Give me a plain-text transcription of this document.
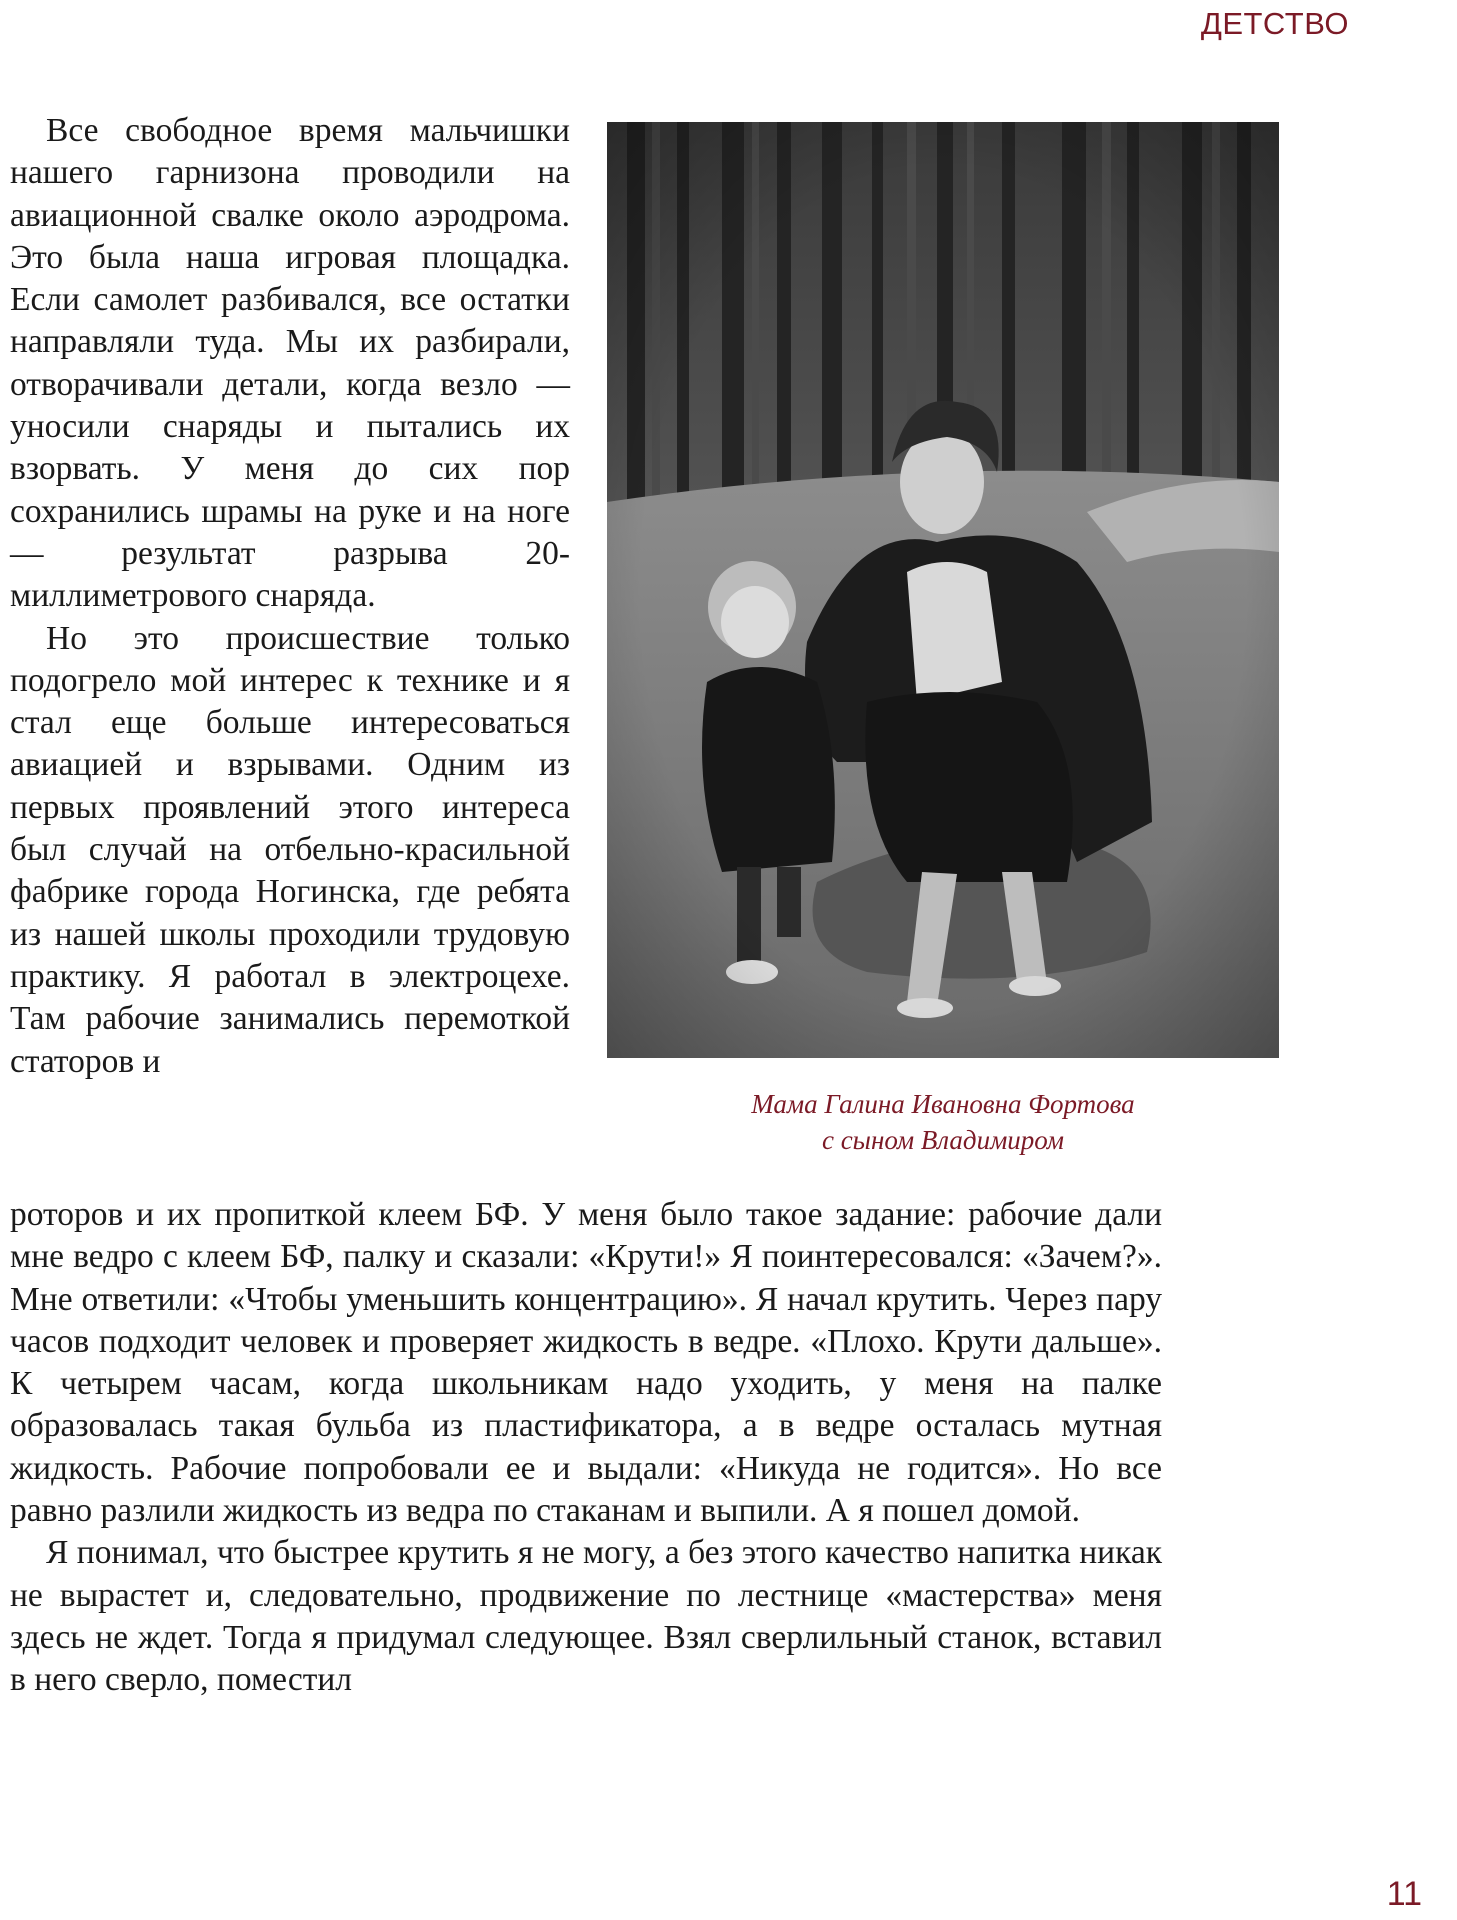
ДЕТСТВО

Все свободное время мальчишки нашего гарнизона проводили на авиационной свалке около аэродрома. Это была наша игровая площадка. Если самолет разбивался, все остатки направляли туда. Мы их разбирали, отворачивали детали, когда везло — уносили снаряды и пытались их взорвать. У меня до сих пор сохранились шрамы на руке и на ноге — результат разрыва 20-миллиметрового снаряда.

Но это происшествие только подогрело мой интерес к технике и я стал еще больше интересоваться авиацией и взрывами. Одним из первых проявлений этого интереса был случай на отбельно-красильной фабрике города Ногинска, где ребята из нашей школы проходили трудовую практику. Я работал в электроцехе. Там рабочие занимались перемоткой статоров и

Мама Галина Ивановна Фортова
с сыном Владимиром

роторов и их пропиткой клеем БФ. У меня было такое задание: рабочие дали мне ведро с клеем БФ, палку и сказали: «Крути!» Я поинтересовался: «Зачем?». Мне ответили: «Чтобы уменьшить концентрацию». Я начал крутить. Через пару часов подходит человек и проверяет жидкость в ведре. «Плохо. Крути дальше». К четырем часам, когда школьникам надо уходить, у меня на палке образовалась такая бульба из пластификатора, а в ведре осталась мутная жидкость. Рабочие попробовали ее и выдали: «Никуда не годится». Но все равно разлили жидкость из ведра по стаканам и выпили. А я пошел домой.

Я понимал, что быстрее крутить я не могу, а без этого качество напитка никак не вырастет и, следовательно, продвижение по лестнице «мастерства» меня здесь не ждет. Тогда я придумал следующее. Взял сверлильный станок, вставил в него сверло, поместил

11
